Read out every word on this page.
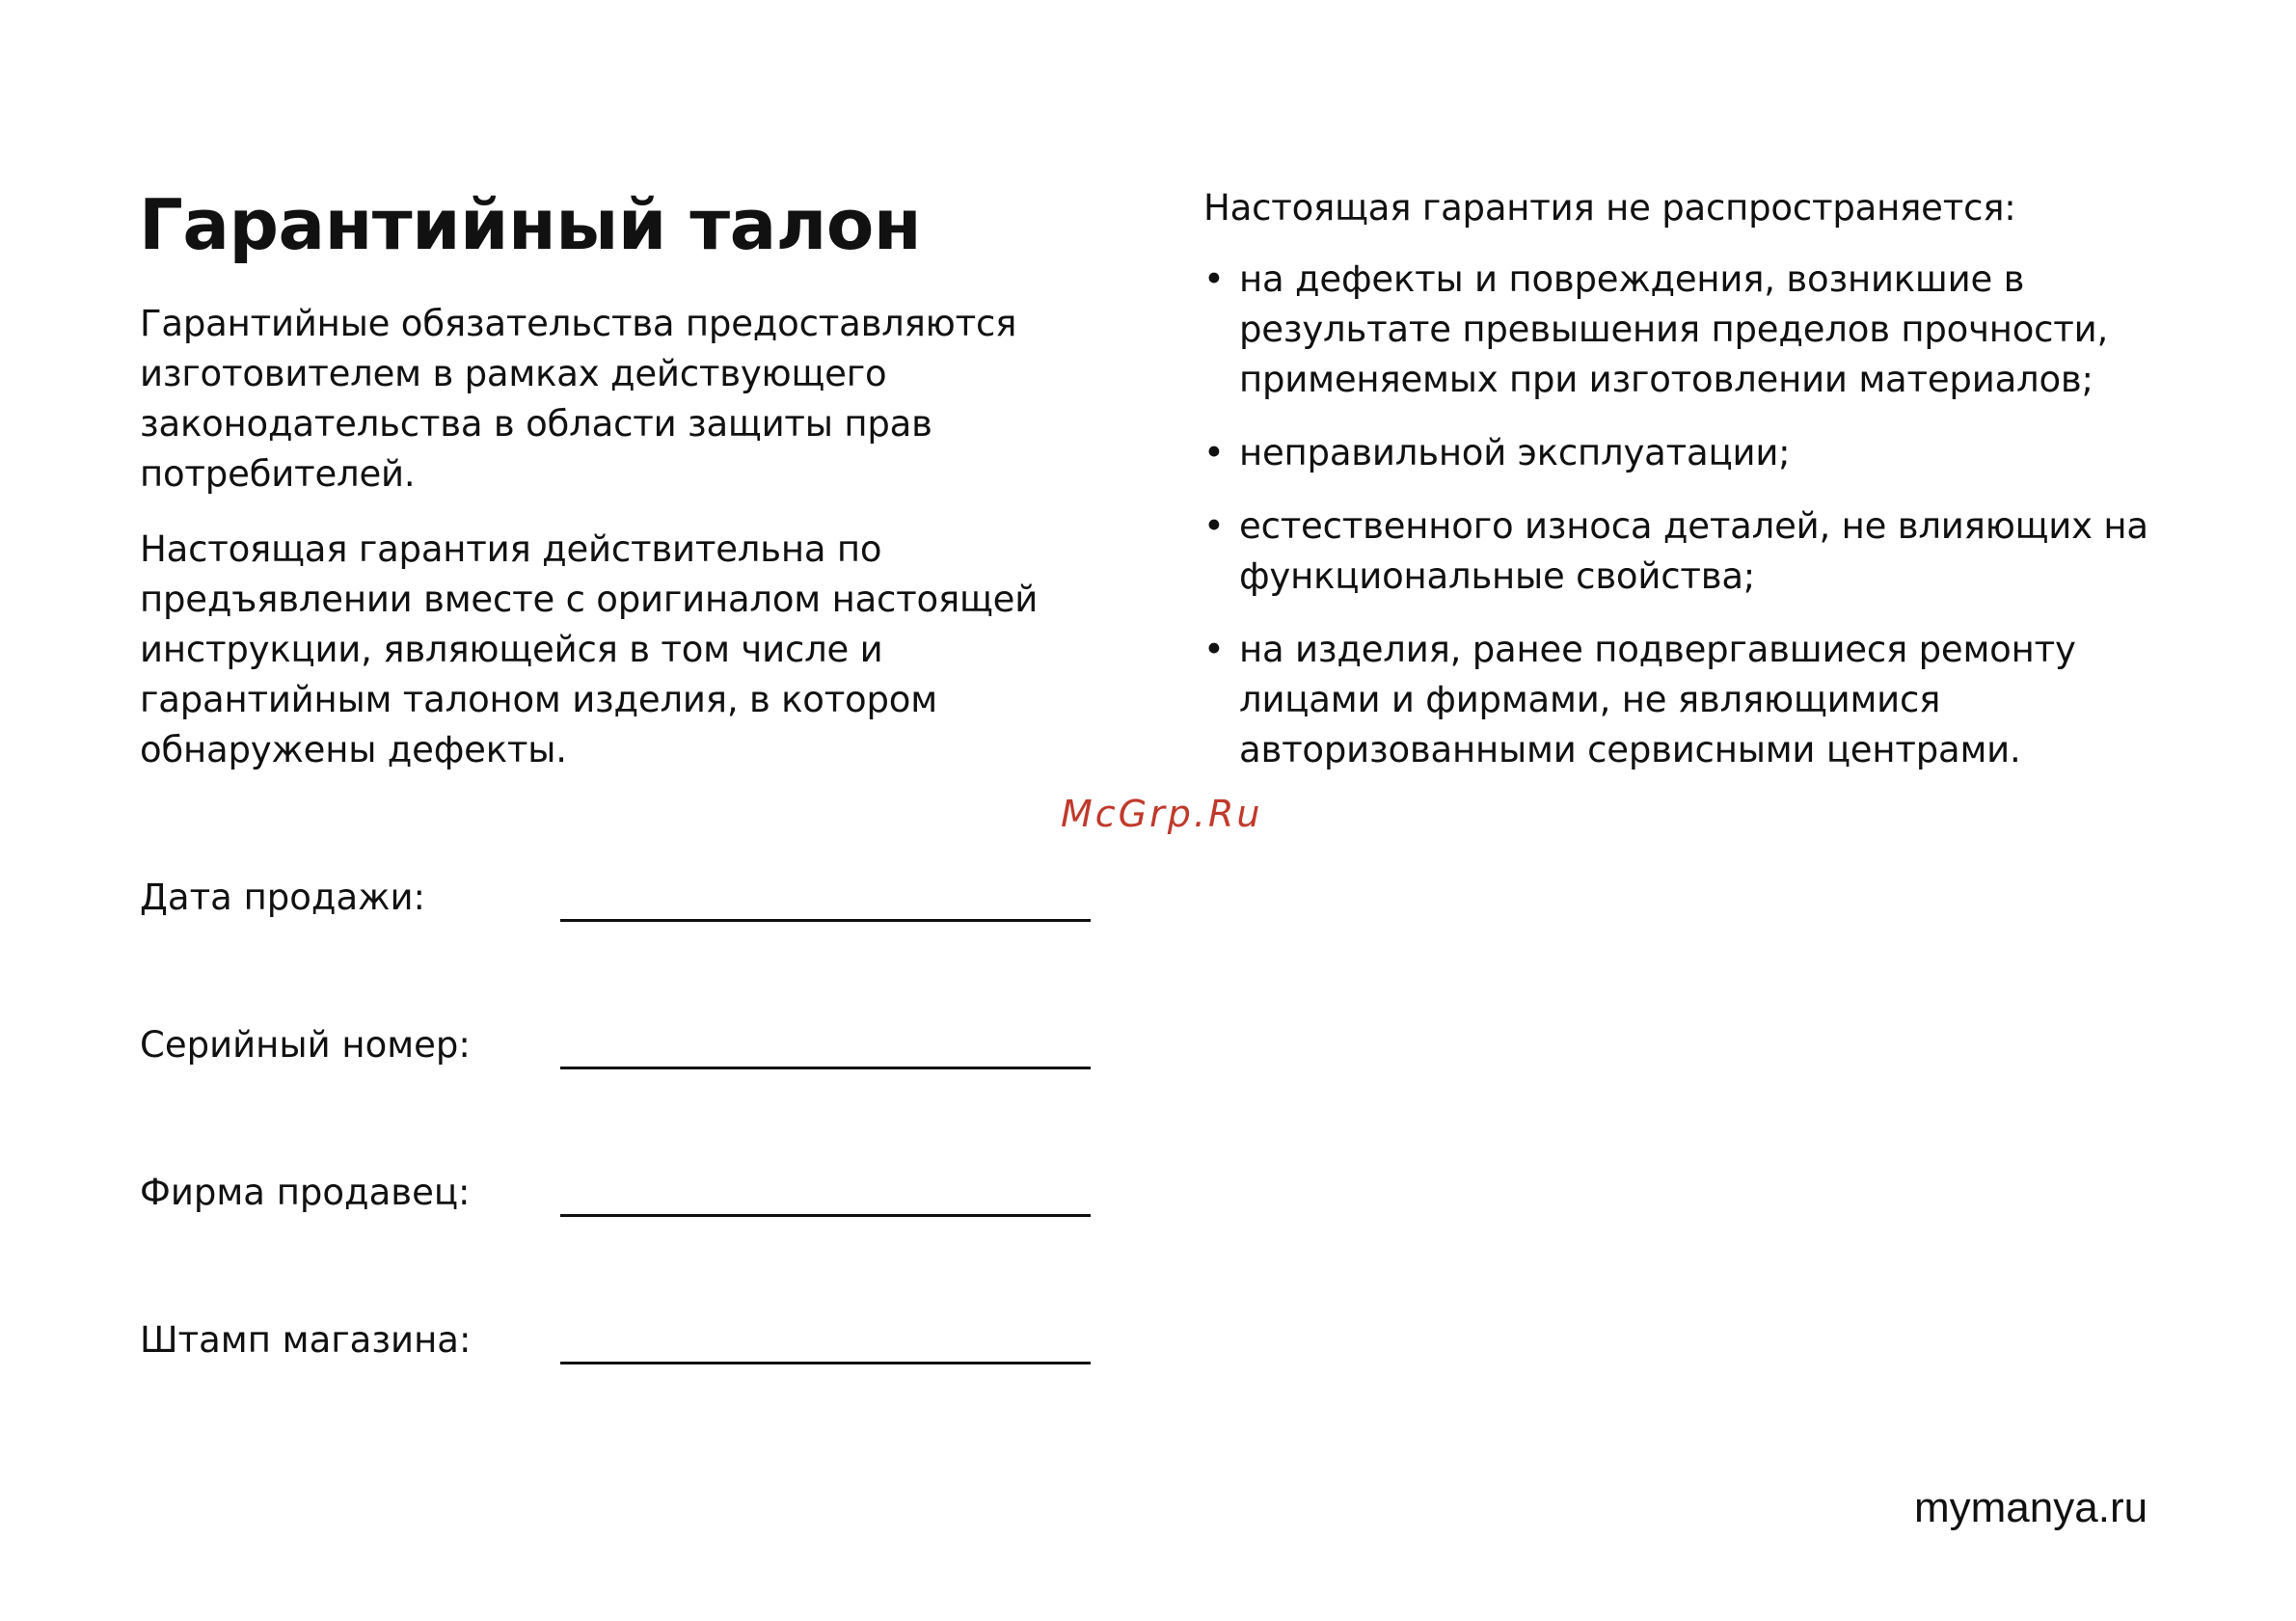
Гарантийный талон

Гарантийные обязательства предоставляются изготовителем в рамках действующего законодательства в области защиты прав потребителей.

Настоящая гарантия действительна по предъявлении вместе с оригиналом настоящей инструкции, являющейся в том числе и гарантийным талоном изделия, в котором обнаружены дефекты.

Настоящая гарантия не распространяется:

• на дефекты и повреждения, возникшие в результате превышения пределов прочности, применяемых при изготовлении материалов;
• неправильной эксплуатации;
• естественного износа деталей, не влияющих на функциональные свойства;
• на изделия, ранее подвергавшиеся ремонту лицами и фирмами, не являющимися авторизованными сервисными центрами.
McGrp.Ru
Дата продажи:
Серийный номер:
Фирма продавец:
Штамп магазина:
mymanya.ru
